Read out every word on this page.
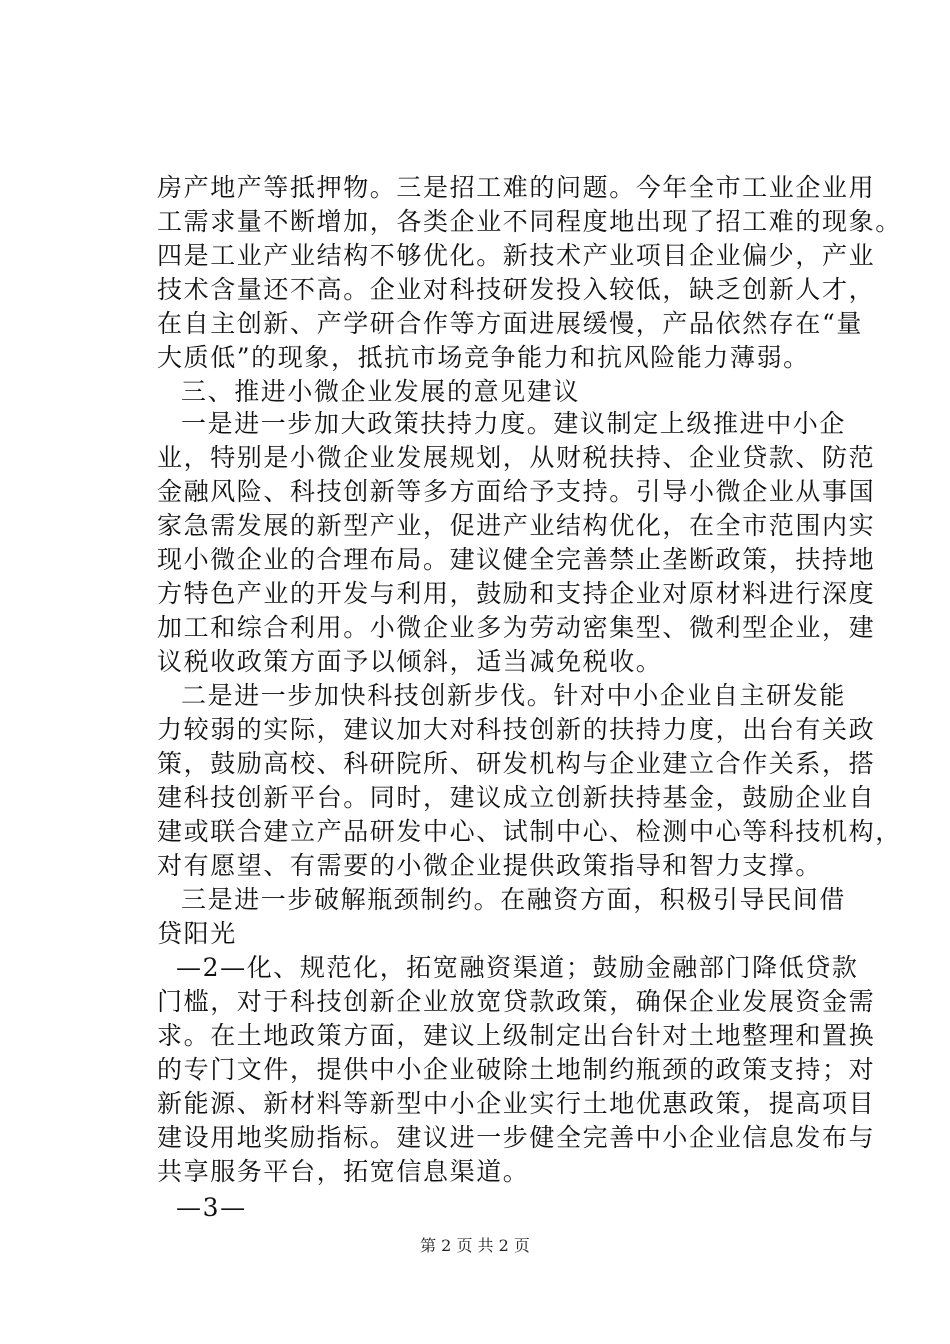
房产地产等抵押物。三是招工难的问题。今年全市工业企业用
工需求量不断增加，各类企业不同程度地出现了招工难的现象。
四是工业产业结构不够优化。新技术产业项目企业偏少，产业
技术含量还不高。企业对科技研发投入较低，缺乏创新人才，
在自主创新、产学研合作等方面进展缓慢，产品依然存在“量
大质低”的现象，抵抗市场竞争能力和抗风险能力薄弱。
三、推进小微企业发展的意见建议
一是进一步加大政策扶持力度。建议制定上级推进中小企
业，特别是小微企业发展规划，从财税扶持、企业贷款、防范
金融风险、科技创新等多方面给予支持。引导小微企业从事国
家急需发展的新型产业，促进产业结构优化，在全市范围内实
现小微企业的合理布局。建议健全完善禁止垄断政策，扶持地
方特色产业的开发与利用，鼓励和支持企业对原材料进行深度
加工和综合利用。小微企业多为劳动密集型、微利型企业，建
议税收政策方面予以倾斜，适当减免税收。
二是进一步加快科技创新步伐。针对中小企业自主研发能
力较弱的实际，建议加大对科技创新的扶持力度，出台有关政
策，鼓励高校、科研院所、研发机构与企业建立合作关系，搭
建科技创新平台。同时，建议成立创新扶持基金，鼓励企业自
建或联合建立产品研发中心、试制中心、检测中心等科技机构，
对有愿望、有需要的小微企业提供政策指导和智力支撑。
三是进一步破解瓶颈制约。在融资方面，积极引导民间借
贷阳光
—2—化、规范化，拓宽融资渠道；鼓励金融部门降低贷款
门槛，对于科技创新企业放宽贷款政策，确保企业发展资金需
求。在土地政策方面，建议上级制定出台针对土地整理和置换
的专门文件，提供中小企业破除土地制约瓶颈的政策支持；对
新能源、新材料等新型中小企业实行土地优惠政策，提高项目
建设用地奖励指标。建议进一步健全完善中小企业信息发布与
共享服务平台，拓宽信息渠道。
—3—
第 2 页 共 2 页
